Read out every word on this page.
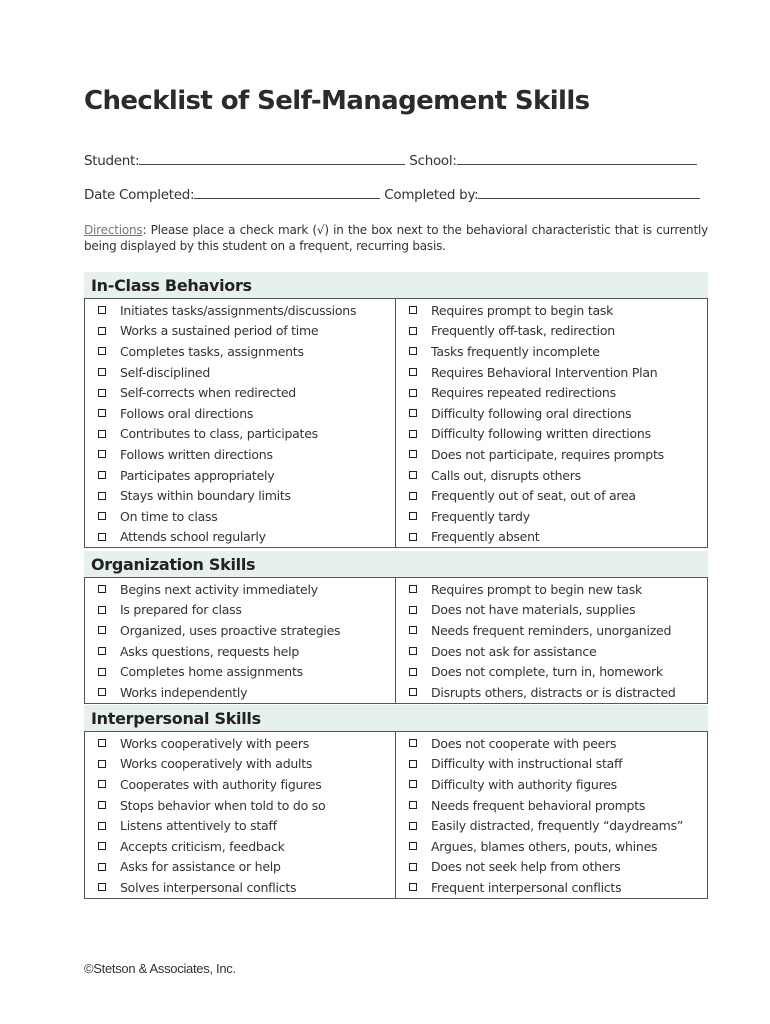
Checklist of Self-Management Skills
Student:	School:
Date Completed:	Completed by:
Directions: Please place a check mark (√) in the box next to the behavioral characteristic that is currently being displayed by this student on a frequent, recurring basis.
In-Class Behaviors
Initiates tasks/assignments/discussions
Works a sustained period of time
Completes tasks, assignments
Self-disciplined
Self-corrects when redirected
Follows oral directions
Contributes to class, participates
Follows written directions
Participates appropriately
Stays within boundary limits
On time to class
Attends school regularly
Requires prompt to begin task
Frequently off-task, redirection
Tasks frequently incomplete
Requires Behavioral Intervention Plan
Requires repeated redirections
Difficulty following oral directions
Difficulty following written directions
Does not participate, requires prompts
Calls out, disrupts others
Frequently out of seat, out of area
Frequently tardy
Frequently absent
Organization Skills
Begins next activity immediately
Is prepared for class
Organized, uses proactive strategies
Asks questions, requests help
Completes home assignments
Works independently
Requires prompt to begin new task
Does not have materials, supplies
Needs frequent reminders, unorganized
Does not ask for assistance
Does not complete, turn in, homework
Disrupts others, distracts or is distracted
Interpersonal Skills
Works cooperatively with peers
Works cooperatively with adults
Cooperates with authority figures
Stops behavior when told to do so
Listens attentively to staff
Accepts criticism, feedback
Asks for assistance or help
Solves interpersonal conflicts
Does not cooperate with peers
Difficulty with instructional staff
Difficulty with authority figures
Needs frequent behavioral prompts
Easily distracted, frequently “daydreams”
Argues, blames others, pouts, whines
Does not seek help from others
Frequent interpersonal conflicts
©Stetson & Associates, Inc.
